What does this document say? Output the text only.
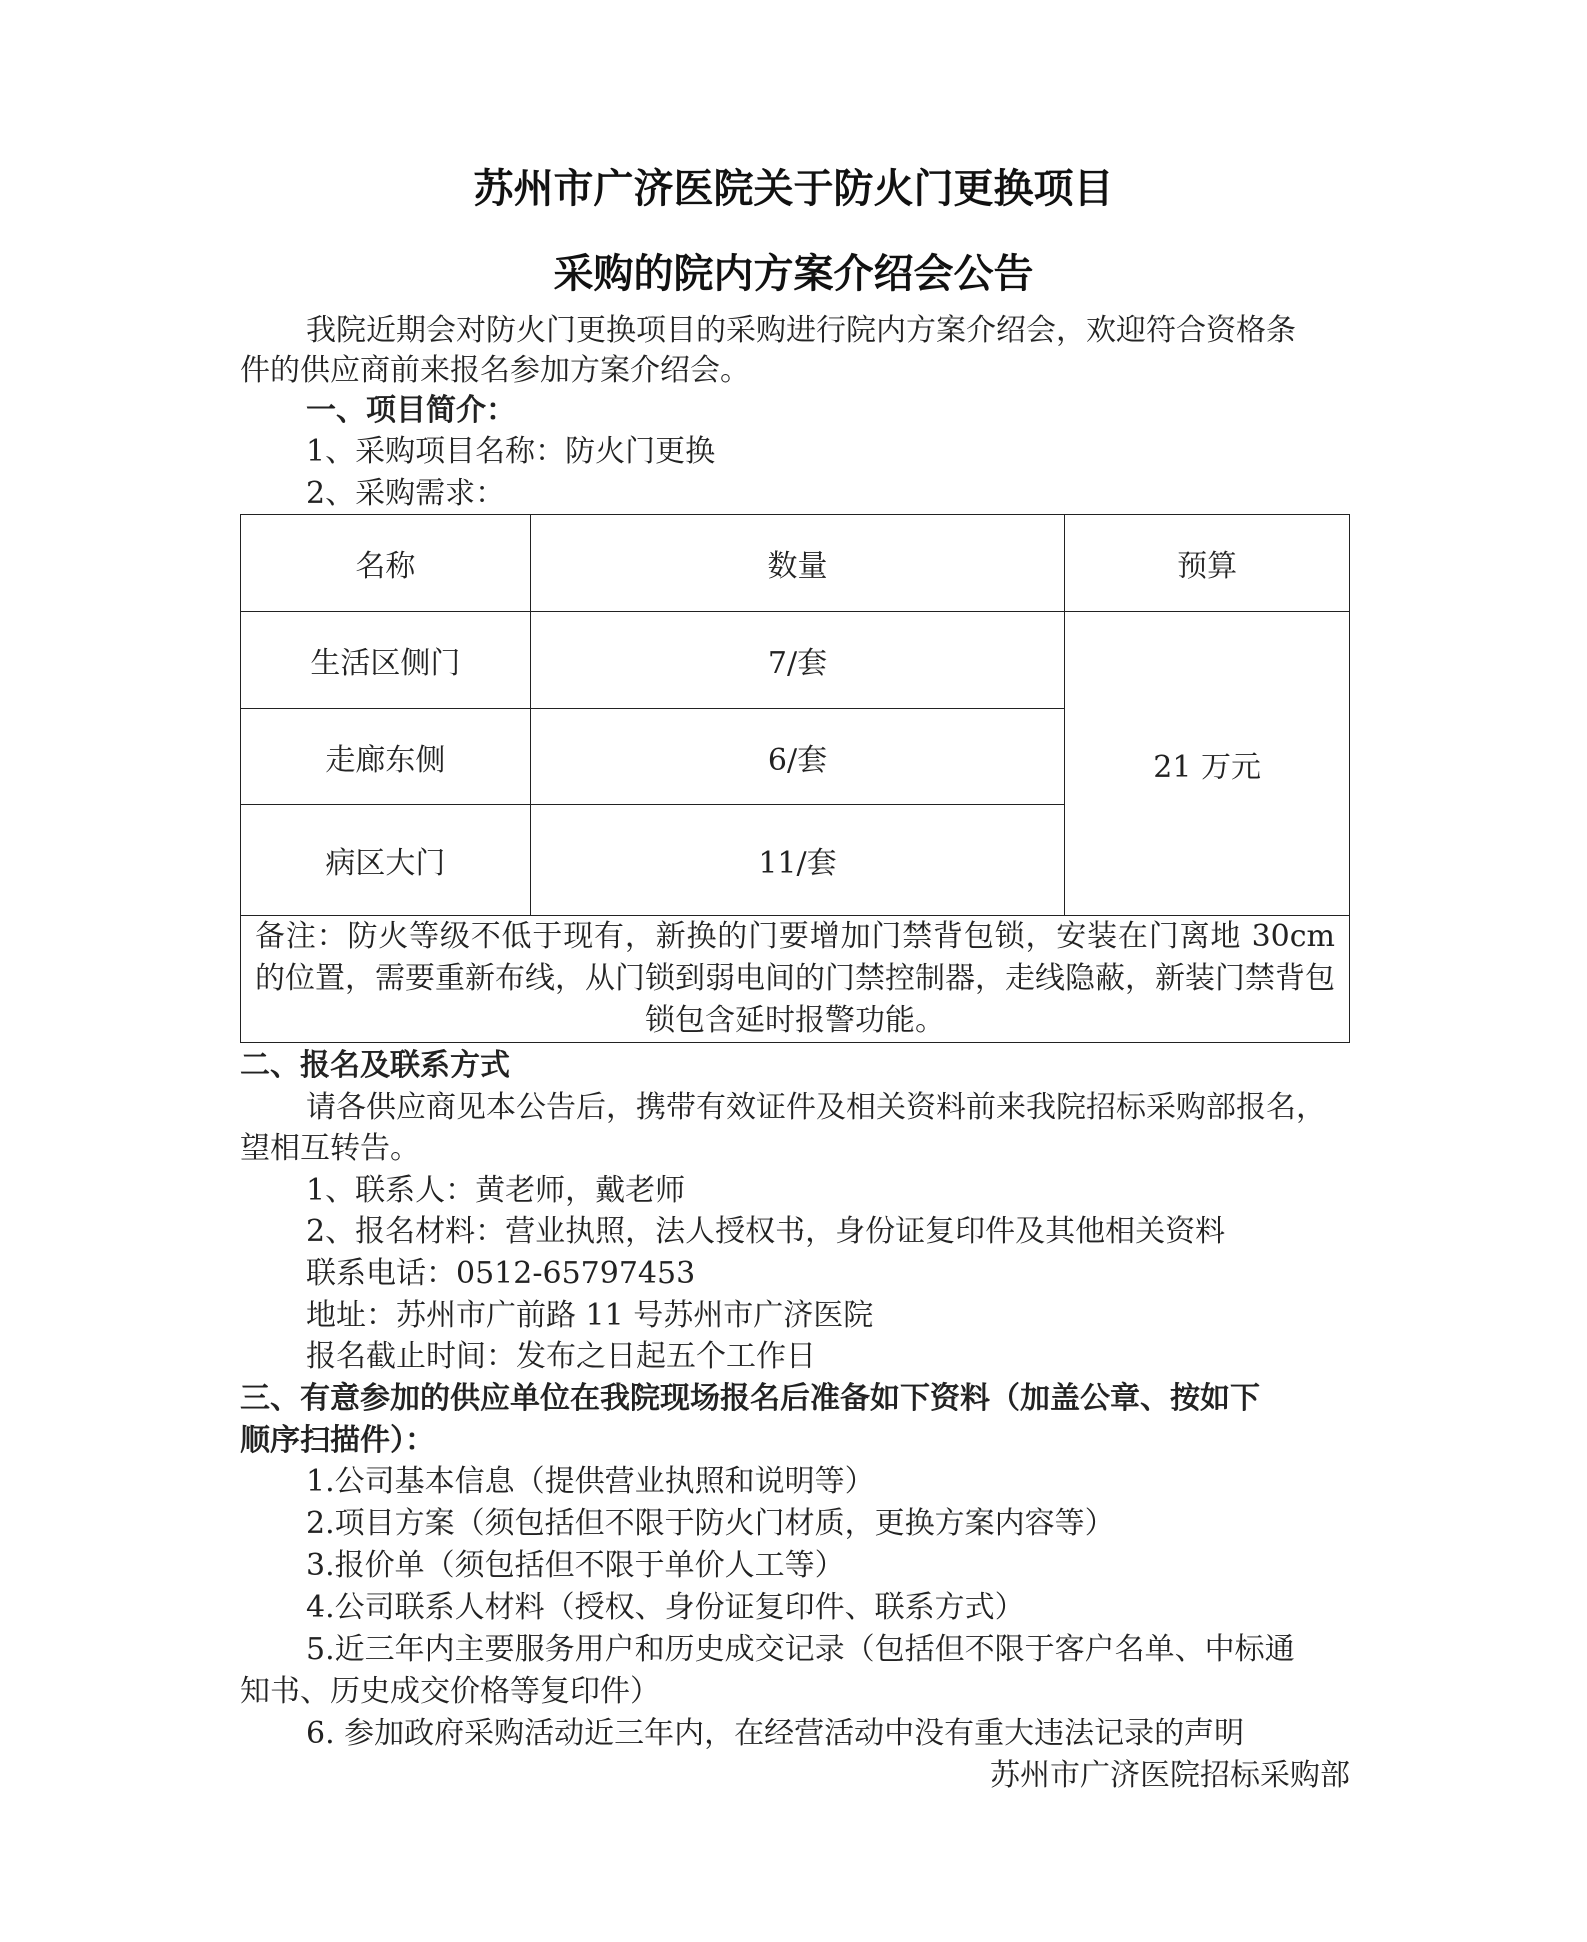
苏州市广济医院关于防火门更换项目
采购的院内方案介绍会公告
我院近期会对防火门更换项目的采购进行院内方案介绍会，欢迎符合资格条
件的供应商前来报名参加方案介绍会。
一、项目简介：
1、采购项目名称：防火门更换
2、采购需求：
名称	数量	预算
生活区侧门	7/套	21 万元
走廊东侧	6/套	
病区大门	11/套	

备注：防火等级不低于现有，新换的门要增加门禁背包锁，安装在门离地 30cm 的位置，需要重新布线，从门锁到弱电间的门禁控制器，走线隐蔽，新装门禁背包锁包含延时报警功能。		
二、报名及联系方式
请各供应商见本公告后，携带有效证件及相关资料前来我院招标采购部报名，
望相互转告。
1、联系人：黄老师，戴老师
2、报名材料：营业执照，法人授权书，身份证复印件及其他相关资料
联系电话：0512-65797453
地址：苏州市广前路 11 号苏州市广济医院
报名截止时间：发布之日起五个工作日
三、有意参加的供应单位在我院现场报名后准备如下资料（加盖公章、按如下
顺序扫描件）：
1.公司基本信息（提供营业执照和说明等）
2.项目方案（须包括但不限于防火门材质，更换方案内容等）
3.报价单（须包括但不限于单价人工等）
4.公司联系人材料（授权、身份证复印件、联系方式）
5.近三年内主要服务用户和历史成交记录（包括但不限于客户名单、中标通
知书、历史成交价格等复印件）
6. 参加政府采购活动近三年内，在经营活动中没有重大违法记录的声明
苏州市广济医院招标采购部
